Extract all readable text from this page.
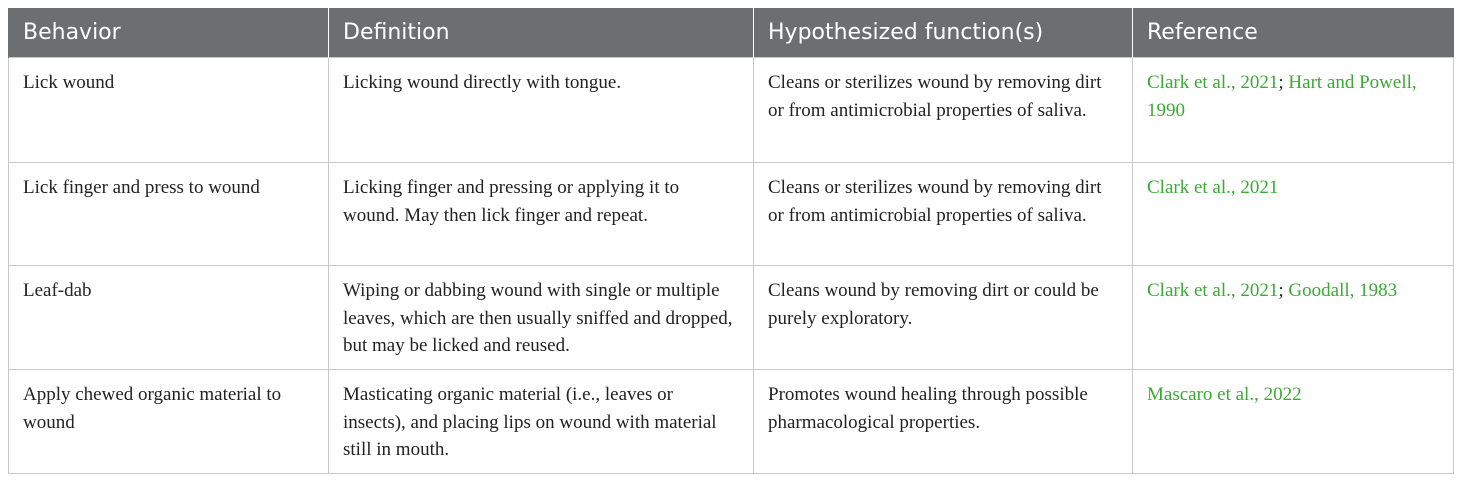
Behavior	Definition	Hypothesized function(s)	Reference
Lick wound	Licking wound directly with tongue.	Cleans or sterilizes wound by removing dirt or from antimicrobial properties of saliva.	Clark et al., 2021; Hart and Powell, 1990
Lick finger and press to wound	Licking finger and pressing or applying it to wound. May then lick finger and repeat.	Cleans or sterilizes wound by removing dirt or from antimicrobial properties of saliva.	Clark et al., 2021
Leaf-dab	Wiping or dabbing wound with single or multiple leaves, which are then usually sniffed and dropped, but may be licked and reused.	Cleans wound by removing dirt or could be purely exploratory.	Clark et al., 2021; Goodall, 1983
Apply chewed organic material to wound	Masticating organic material (i.e., leaves or insects), and placing lips on wound with material still in mouth.	Promotes wound healing through possible pharmacological properties.	Mascaro et al., 2022
